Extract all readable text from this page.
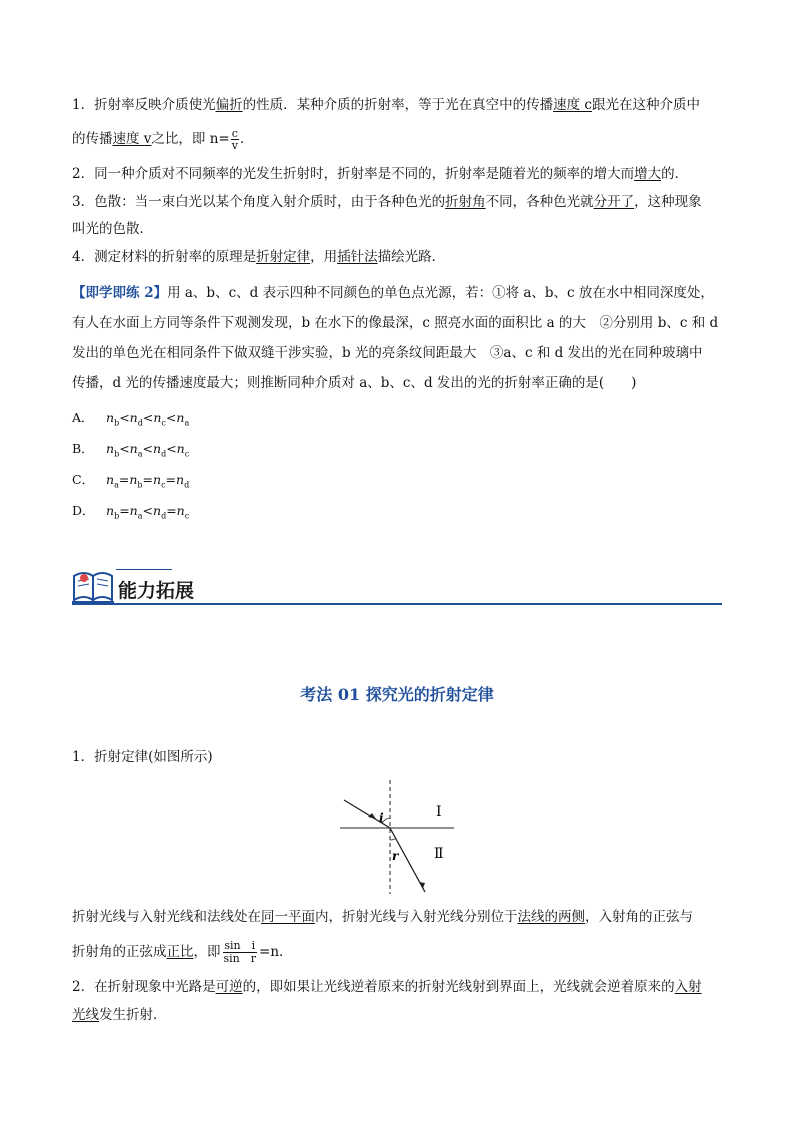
1．折射率反映介质使光偏折的性质．某种介质的折射率，等于光在真空中的传播速度 c跟光在这种介质中
的传播速度 v之比，即 $n= \frac{c}{v}$ ．
2．同一种介质对不同频率的光发生折射时，折射率是不同的，折射率是随着光的频率的增大而增大的．
3．色散：当一束白光以某个角度入射介质时，由于各种色光的折射角不同，各种色光就分开了，这种现象
叫光的色散．
4．测定材料的折射率的原理是折射定律，用插针法描绘光路．
【即学即练 2】用 a、b、c、d 表示四种不同颜色的单色点光源，若：①将 a、b、c 放在水中相同深度处，
有人在水面上方同等条件下观测发现，b 在水下的像最深，c 照亮水面的面积比 a 的大　②分别用 b、c 和 d
发出的单色光在相同条件下做双缝干涉实验，b 光的亮条纹间距最大　③a、c 和 d 发出的光在同种玻璃中
传播，d 光的传播速度最大；则推断同种介质对 a、b、c、d 发出的光的折射率正确的是(　　)
A． $n_b<n_d<n_c<n_a$
B． $n_b<n_a<n_d<n_c$
C． $n_a=n_b=n_c=n_d$
D． $n_b=n_a<n_d=n_c$
能力拓展
考法 01 探究光的折射定律
1．折射定律(如图所示)
i
r
Ⅰ
Ⅱ
折射光线与入射光线和法线处在同一平面内，折射光线与入射光线分别位于法线的两侧，入射角的正弦与
折射角的正弦成正比，即 $\frac{\text{sin　i}}{\text{sin　r}} =n$.
2．在折射现象中光路是可逆的，即如果让光线逆着原来的折射光线射到界面上，光线就会逆着原来的入射
光线发生折射．
